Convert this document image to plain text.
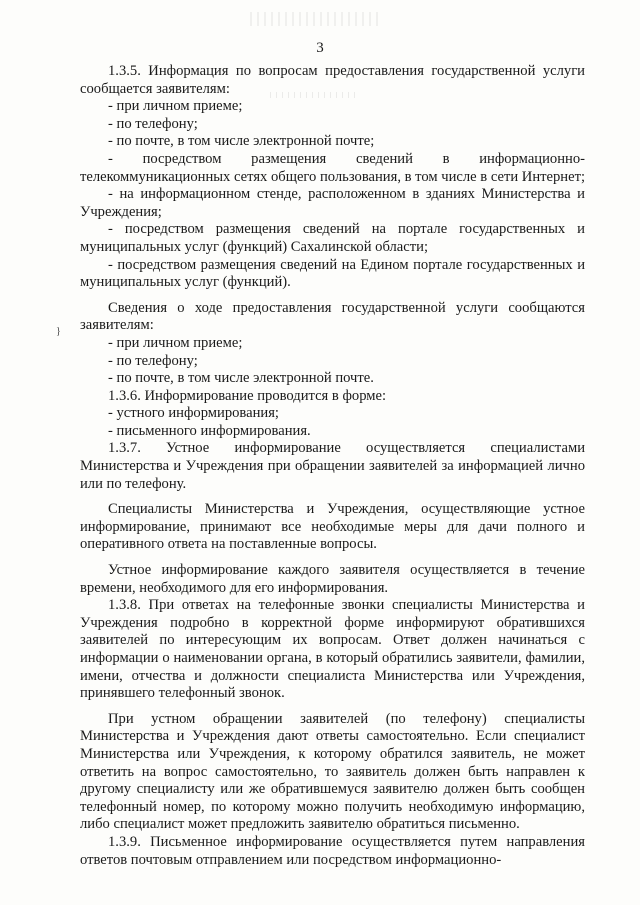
}
3

1.3.5. Информация по вопросам предоставления государственной услуги сообщается заявителям:

- при личном приеме;

- по телефону;

- по почте, в том числе электронной почте;

- посредством размещения сведений в информационно-телекоммуникационных сетях общего пользования, в том числе в сети Интернет;

- на информационном стенде, расположенном в зданиях Министерства и Учреждения;

- посредством размещения сведений на портале государственных и муниципальных услуг (функций) Сахалинской области;

- посредством размещения сведений на Едином портале государственных и муниципальных услуг (функций).

Сведения о ходе предоставления государственной услуги сообщаются заявителям:

- при личном приеме;

- по телефону;

- по почте, в том числе электронной почте.

1.3.6. Информирование проводится в форме:

- устного информирования;

- письменного информирования.

1.3.7. Устное информирование осуществляется специалистами Министерства и Учреждения при обращении заявителей за информацией лично или по телефону.

Специалисты Министерства и Учреждения, осуществляющие устное информирование, принимают все необходимые меры для дачи полного и оперативного ответа на поставленные вопросы.

Устное информирование каждого заявителя осуществляется в течение времени, необходимого для его информирования.

1.3.8. При ответах на телефонные звонки специалисты Министерства и Учреждения подробно в корректной форме информируют обратившихся заявителей по интересующим их вопросам. Ответ должен начинаться с информации о наименовании органа, в который обратились заявители, фамилии, имени, отчества и должности специалиста Министерства или Учреждения, принявшего телефонный звонок.

При устном обращении заявителей (по телефону) специалисты Министерства и Учреждения дают ответы самостоятельно. Если специалист Министерства или Учреждения, к которому обратился заявитель, не может ответить на вопрос самостоятельно, то заявитель должен быть направлен к другому специалисту или же обратившемуся заявителю должен быть сообщен телефонный номер, по которому можно получить необходимую информацию, либо специалист может предложить заявителю обратиться письменно.

1.3.9. Письменное информирование осуществляется путем направления ответов почтовым отправлением или посредством информационно-
